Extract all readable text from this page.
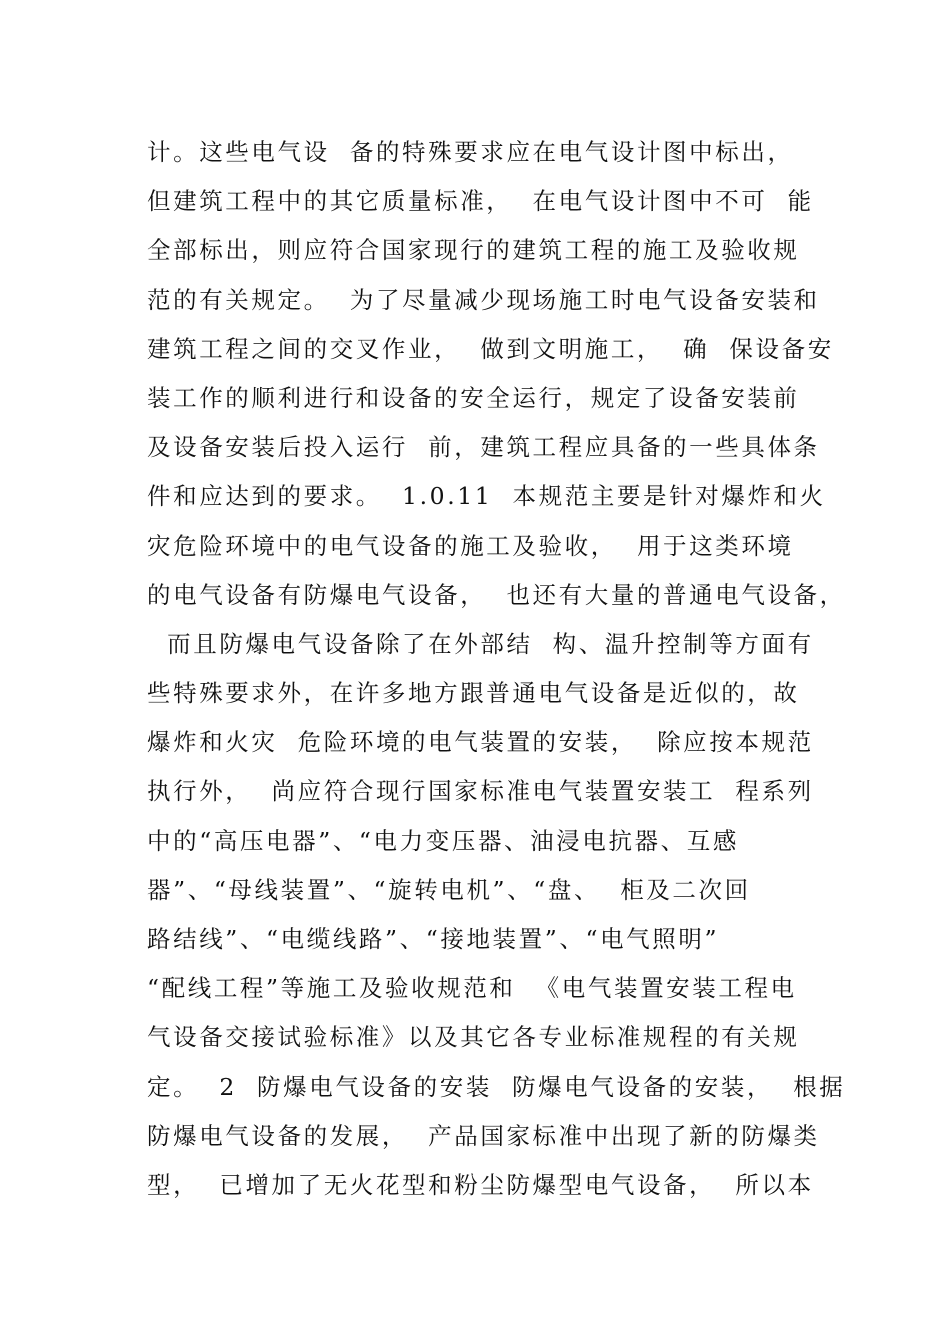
计。这些电气设  备的特殊要求应在电气设计图中标出，
但建筑工程中的其它质量标准，  在电气设计图中不可  能
全部标出，则应符合国家现行的建筑工程的施工及验收规
范的有关规定。  为了尽量减少现场施工时电气设备安装和
建筑工程之间的交叉作业，  做到文明施工，  确  保设备安
装工作的顺利进行和设备的安全运行，规定了设备安装前
及设备安装后投入运行  前，建筑工程应具备的一些具体条
件和应达到的要求。  1.0.11  本规范主要是针对爆炸和火
灾危险环境中的电气设备的施工及验收，  用于这类环境
的电气设备有防爆电气设备，  也还有大量的普通电气设备，
而且防爆电气设备除了在外部结  构、温升控制等方面有
些特殊要求外，在许多地方跟普通电气设备是近似的，故
爆炸和火灾  危险环境的电气装置的安装，  除应按本规范
执行外，  尚应符合现行国家标准电气装置安装工  程系列
中的“高压电器”、“电力变压器、油浸电抗器、互感
器”、“母线装置”、“旋转电机”、“盘、  柜及二次回
路结线”、“电缆线路”、“接地装置”、“电气照明”
“配线工程”等施工及验收规范和  《电气装置安装工程电
气设备交接试验标准》以及其它各专业标准规程的有关规
定。  2  防爆电气设备的安装  防爆电气设备的安装，  根据
防爆电气设备的发展，  产品国家标准中出现了新的防爆类
型，  已增加了无火花型和粉尘防爆型电气设备，  所以本
